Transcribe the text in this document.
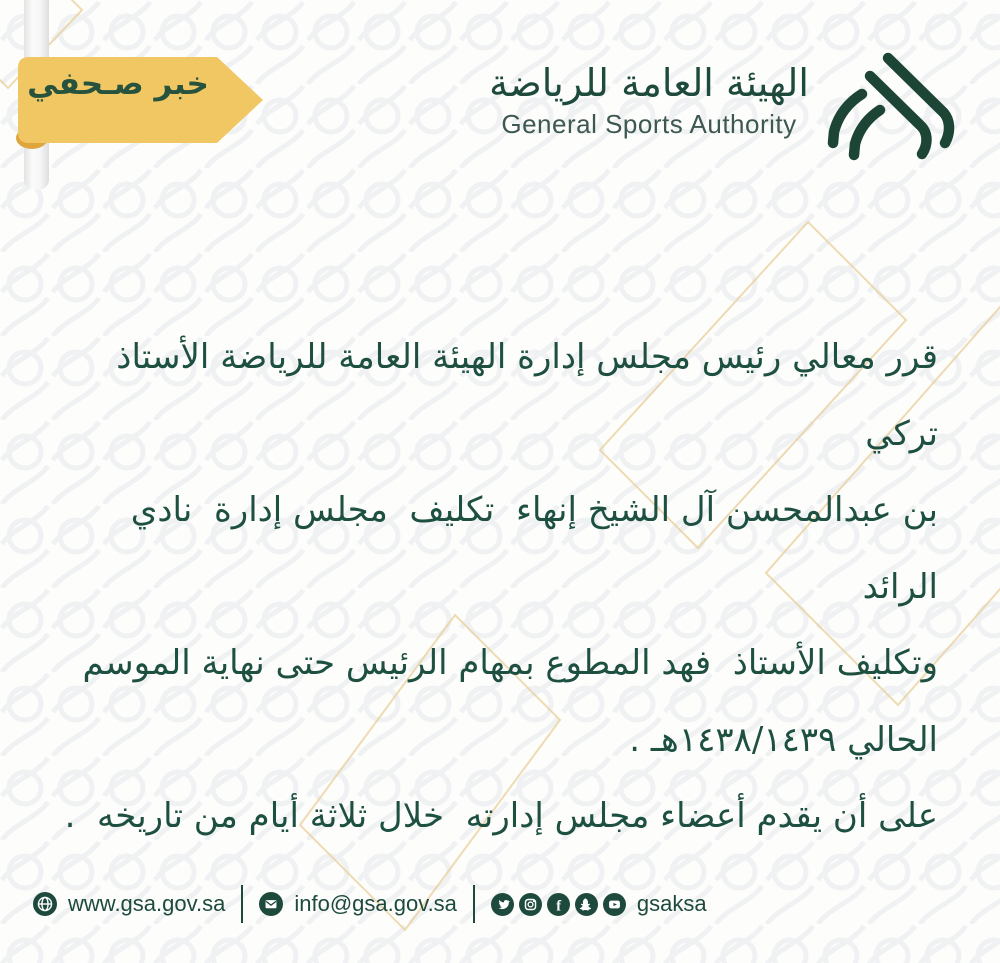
خبر صـحفي	الهيئة العامة للرياضة
General Sports Authority
قرر معالي رئيس مجلس إدارة الهيئة العامة للرياضة الأستاذ تركي
بن عبدالمحسن آل الشيخ إنهاء  تكليف  مجلس إدارة  نادي الرائد
وتكليف الأستاذ  فهد المطوع بمهام الرئيس حتى نهاية الموسم
الحالي ١٤٣٨/١٤٣٩هـ .
على أن يقدم أعضاء مجلس إدارته  خلال ثلاثة أيام من تاريخه  .
www.gsa.gov.sa	info@gsa.gov.sa	f	gsaksa
